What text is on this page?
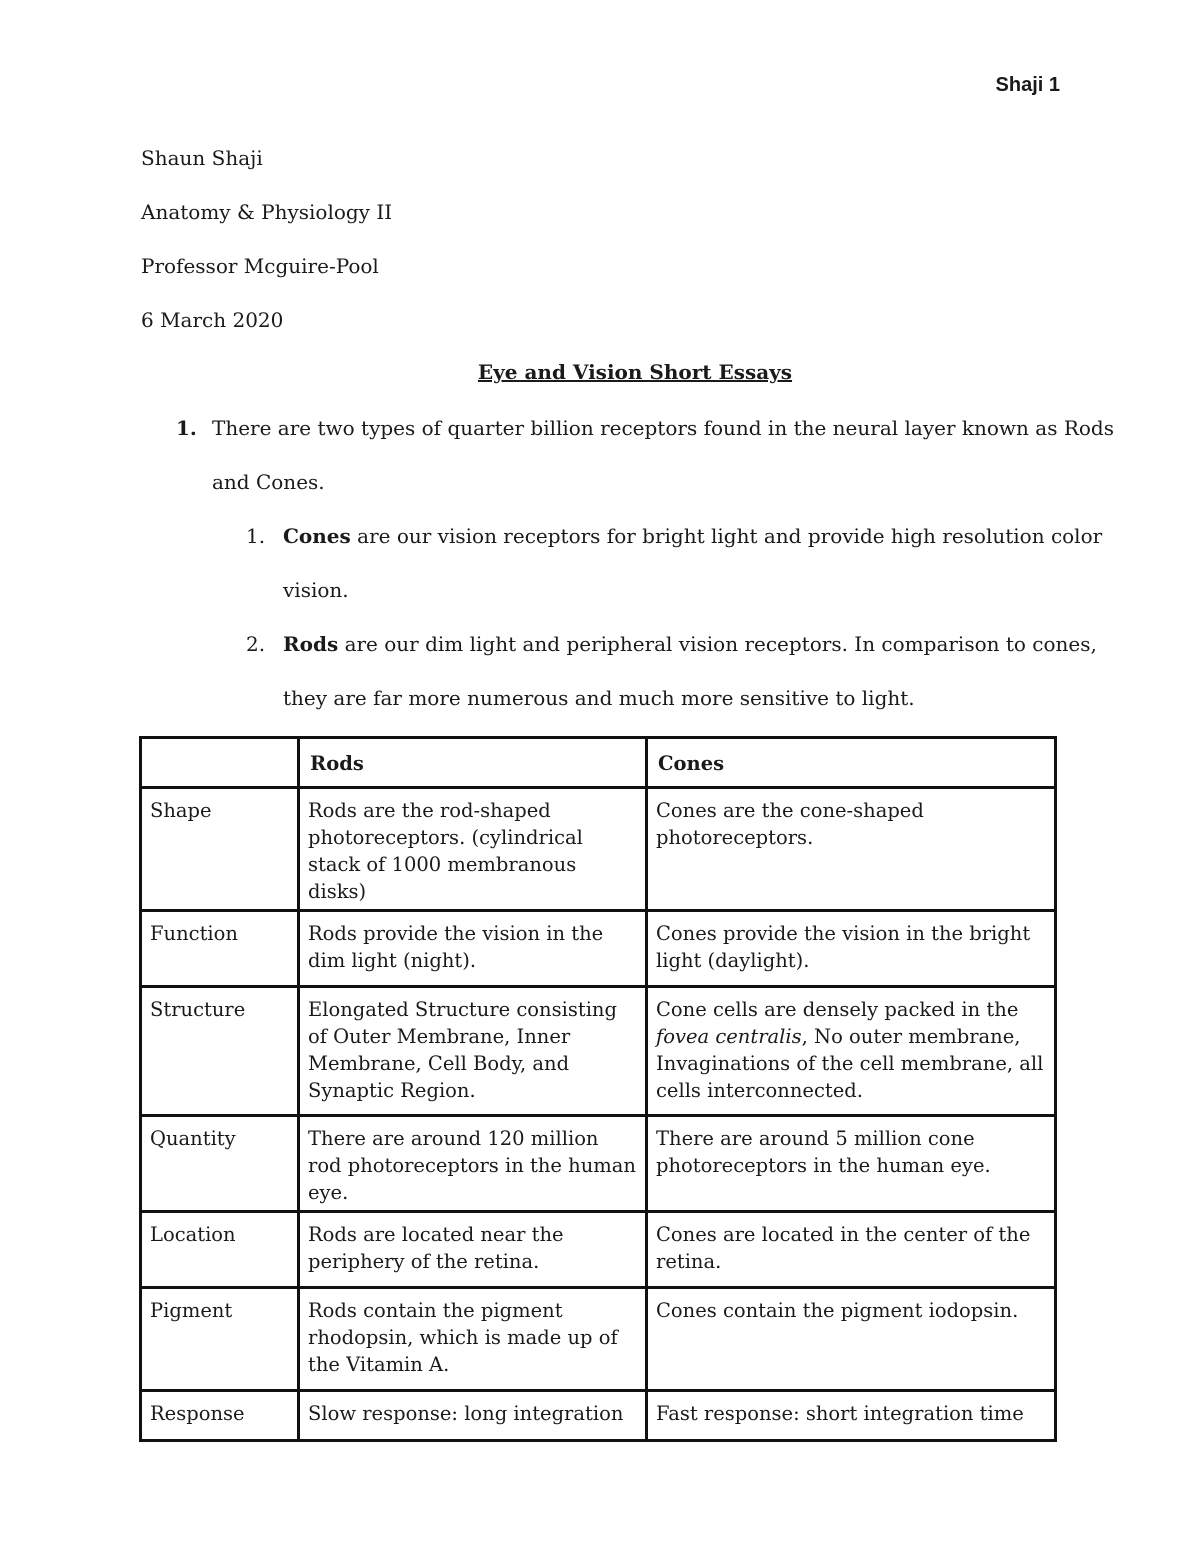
Shaji 1
Shaun Shaji
Anatomy & Physiology II
Professor Mcguire-Pool
6 March 2020
Eye and Vision Short Essays
1. There are two types of quarter billion receptors found in the neural layer known as Rods
and Cones.
1. Cones are our vision receptors for bright light and provide high resolution color
vision.
2. Rods are our dim light and peripheral vision receptors. In comparison to cones,
they are far more numerous and much more sensitive to light.
	Rods	Cones
Shape	Rods are the rod-shaped photoreceptors. (cylindrical stack of 1000 membranous disks)	Cones are the cone-shaped photoreceptors.
Function	Rods provide the vision in the dim light (night).	Cones provide the vision in the bright light (daylight).
Structure	Elongated Structure consisting of Outer Membrane, Inner Membrane, Cell Body, and Synaptic Region.	Cone cells are densely packed in the fovea centralis, No outer membrane, Invaginations of the cell membrane, all cells interconnected.
Quantity	There are around 120 million rod photoreceptors in the human eye.	There are around 5 million cone photoreceptors in the human eye.
Location	Rods are located near the periphery of the retina.	Cones are located in the center of the retina.
Pigment	Rods contain the pigment rhodopsin, which is made up of the Vitamin A.	Cones contain the pigment iodopsin.
Response	Slow response: long integration	Fast response: short integration time
